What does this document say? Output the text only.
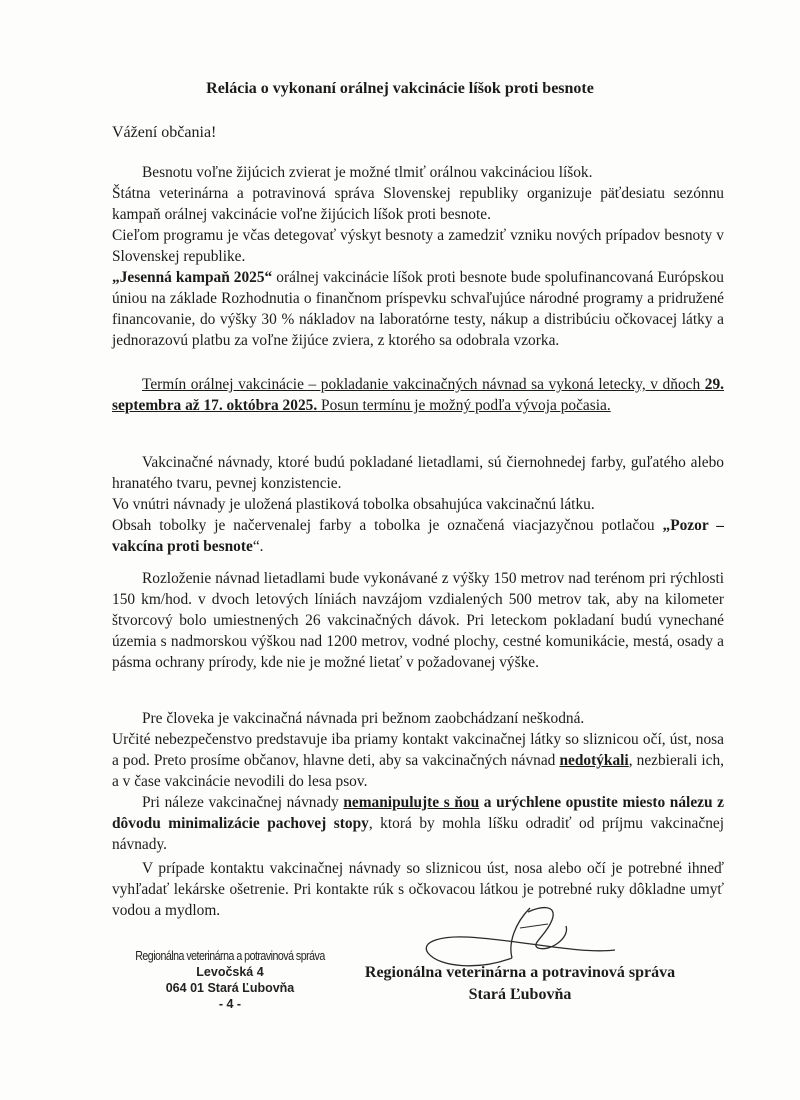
Relácia o vykonaní orálnej vakcinácie líšok proti besnote
Vážení občania!
Besnotu voľne žijúcich zvierat je možné tlmiť orálnou vakcináciou líšok.
Štátna veterinárna a potravinová správa Slovenskej republiky organizuje päťdesiatu sezónnu kampaň orálnej vakcinácie voľne žijúcich líšok proti besnote.
Cieľom programu je včas detegovať výskyt besnoty a zamedziť vzniku nových prípadov besnoty v Slovenskej republike.
„Jesenná kampaň 2025“ orálnej vakcinácie líšok proti besnote bude spolufinancovaná Európskou úniou na základe Rozhodnutia o finančnom príspevku schvaľujúce národné programy a pridružené financovanie, do výšky 30 % nákladov na laboratórne testy, nákup a distribúciu očkovacej látky a jednorazovú platbu za voľne žijúce zviera, z ktorého sa odobrala vzorka.
Termín orálnej vakcinácie – pokladanie vakcinačných návnad sa vykoná letecky, v dňoch 29. septembra až 17. októbra 2025. Posun termínu je možný podľa vývoja počasia.
Vakcinačné návnady, ktoré budú pokladané lietadlami, sú čiernohnedej farby, guľatého alebo hranatého tvaru, pevnej konzistencie.
Vo vnútri návnady je uložená plastiková tobolka obsahujúca vakcinačnú látku.
Obsah tobolky je načervenalej farby a tobolka je označená viacjazyčnou potlačou „Pozor – vakcína proti besnote“.
Rozloženie návnad lietadlami bude vykonávané z výšky 150 metrov nad terénom pri rýchlosti 150 km/hod. v dvoch letových líniách navzájom vzdialených 500 metrov tak, aby na kilometer štvorcový bolo umiestnených 26 vakcinačných dávok. Pri leteckom pokladaní budú vynechané územia s nadmorskou výškou nad 1200 metrov, vodné plochy, cestné komunikácie, mestá, osady a pásma ochrany prírody, kde nie je možné lietať v požadovanej výške.
Pre človeka je vakcinačná návnada pri bežnom zaobchádzaní neškodná.
Určité nebezpečenstvo predstavuje iba priamy kontakt vakcinačnej látky so sliznicou očí, úst, nosa a pod. Preto prosíme občanov, hlavne deti, aby sa vakcinačných návnad nedotýkali, nezbierali ich, a v čase vakcinácie nevodili do lesa psov.
Pri náleze vakcinačnej návnady nemanipulujte s ňou a urýchlene opustite miesto nálezu z dôvodu minimalizácie pachovej stopy, ktorá by mohla líšku odradiť od príjmu vakcinačnej návnady.
V prípade kontaktu vakcinačnej návnady so sliznicou úst, nosa alebo očí je potrebné ihneď vyhľadať lekárske ošetrenie. Pri kontakte rúk s očkovacou látkou je potrebné ruky dôkladne umyť vodou a mydlom.
Regionálna veterinárna a potravinová správa
Levočská 4
064 01 Stará Ľubovňa
- 4 -
Regionálna veterinárna a potravinová správa
Stará Ľubovňa
